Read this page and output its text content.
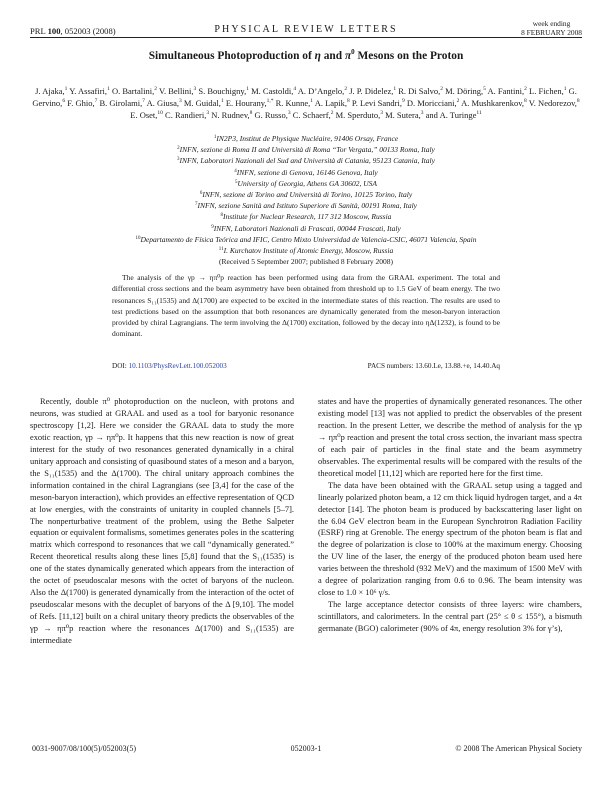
PRL 100, 052003 (2008)	PHYSICAL REVIEW LETTERS
week ending
8 FEBRUARY 2008
Simultaneous Photoproduction of η and $\pi^0$ Mesons on the Proton
J. Ajaka,$^1$ Y. Assafiri,$^1$ O. Bartalini,$^2$ V. Bellini,$^3$ S. Bouchigny,$^1$ M. Castoldi,$^4$ A. D’Angelo,$^2$ J. P. Didelez,$^1$ R. Di Salvo,$^2$ M. Döring,$^5$ A. Fantini,$^2$ L. Fichen,$^1$ G. Gervino,$^6$ F. Ghio,$^7$ B. Girolami,$^7$ A. Giusa,$^3$ M. Guidal,$^1$ E. Hourany,$^{1,*}$ R. Kunne,$^1$ A. Lapik,$^8$ P. Levi Sandri,$^9$ D. Moricciani,$^2$ A. Mushkarenkov,$^8$ V. Nedorezov,$^8$ E. Oset,$^{10}$ C. Randieri,$^3$ N. Rudnev,$^8$ G. Russo,$^3$ C. Schaerf,$^2$ M. Sperduto,$^3$ M. Sutera,$^3$ and A. Turinge$^{11}$
$^1$IN2P3, Institut de Physique Nucléaire, 91406 Orsay, France
$^2$INFN, sezione di Roma II and Università di Roma “Tor Vergata,” 00133 Roma, Italy
$^3$INFN, Laboratori Nazionali del Sud and Università di Catania, 95123 Catania, Italy
$^4$INFN, sezione di Genova, 16146 Genova, Italy
$^5$University of Georgia, Athens GA 30602, USA
$^6$INFN, sezione di Torino and Università di Torino, 10125 Torino, Italy
$^7$INFN, sezione Sanità and Istituto Superiore di Sanità, 00191 Roma, Italy
$^8$Institute for Nuclear Research, 117 312 Moscow, Russia
$^9$INFN, Laboratori Nazionali di Frascati, 00044 Frascati, Italy
$^{10}$Departamento de Física Teórica and IFIC, Centro Mixto Universidad de Valencia-CSIC, 46071 Valencia, Spain
$^{11}$I. Kurchatov Institute of Atomic Energy, Moscow, Russia
(Received 5 September 2007; published 8 February 2008)
The analysis of the γp → ηπ⁰p reaction has been performed using data from the GRAAL experiment. The total and differential cross sections and the beam asymmetry have been obtained from threshold up to 1.5 GeV of beam energy. The two resonances S₁₁(1535) and Δ(1700) are expected to be excited in the intermediate states of this reaction. The results are used to test predictions based on the assumption that both resonances are dynamically generated from the meson-baryon interaction provided by chiral Lagrangians. The term involving the Δ(1700) excitation, followed by the decay into ηΔ(1232), is found to be dominant.
DOI: 10.1103/PhysRevLett.100.052003	PACS numbers: 13.60.Le, 13.88.+e, 14.40.Aq

Recently, double π⁰ photoproduction on the nucleon, with protons and neurons, was studied at GRAAL and used as a tool for baryonic resonance spectroscopy [1,2]. Here we consider the GRAAL data to study the more exotic reaction, γp → ηπ⁰p. It happens that this new reaction is now of great interest for the study of two resonances generated dynamically in a chiral unitary approach and consisting of quasibound states of a meson and a baryon, the S₁₁(1535) and the Δ(1700). The chiral unitary approach combines the information contained in the chiral Lagrangians (see [3,4] for the case of the meson-baryon interaction), which provides an effective representation of QCD at low energies, with the constraints of unitarity in coupled channels [5–7]. The nonperturbative treatment of the problem, using the Bethe Salpeter equation or equivalent formalisms, sometimes generates poles in the scattering matrix which correspond to resonances that we call “dynamically generated.” Recent theoretical results along these lines [5,8] found that the S₁₁(1535) is one of the states dynamically generated which appears from the interaction of the octet of pseudoscalar mesons with the octet of baryons of the nucleon. Also the Δ(1700) is generated dynamically from the interaction of the octet of pseudoscalar mesons with the decuplet of baryons of the Δ [9,10]. The model of Refs. [11,12] built on a chiral unitary theory predicts the observables of the γp → ηπ⁰p reaction where the resonances Δ(1700) and S₁₁(1535) are intermediate

states and have the properties of dynamically generated resonances. The other existing model [13] was not applied to predict the observables of the present reaction. In the present Letter, we describe the method of analysis for the γp → ηπ⁰p reaction and present the total cross section, the invariant mass spectra of each pair of particles in the final state and the beam asymmetry observables. The experimental results will be compared with the results of the theoretical model [11,12] which are reported here for the first time.

The data have been obtained with the GRAAL setup using a tagged and linearly polarized photon beam, a 12 cm thick liquid hydrogen target, and a 4π detector [14]. The photon beam is produced by backscattering laser light on the 6.04 GeV electron beam in the European Synchrotron Radiation Facility (ESRF) ring at Grenoble. The energy spectrum of the photon beam is flat and the degree of polarization is close to 100% at the maximum energy. Choosing the UV line of the laser, the energy of the produced photon beam used here varies between the threshold (932 MeV) and the maximum of 1500 MeV with a degree of polarization ranging from 0.6 to 0.96. The beam intensity was close to 1.0 × 10⁶ γ/s.

The large acceptance detector consists of three layers: wire chambers, scintillators, and calorimeters. In the central part (25° ≤ θ ≤ 155°), a bismuth germanate (BGO) calorimeter (90% of 4π, energy resolution 3% for γ’s),

0031-9007/08/100(5)/052003(5)	052003-1	© 2008 The American Physical Society
